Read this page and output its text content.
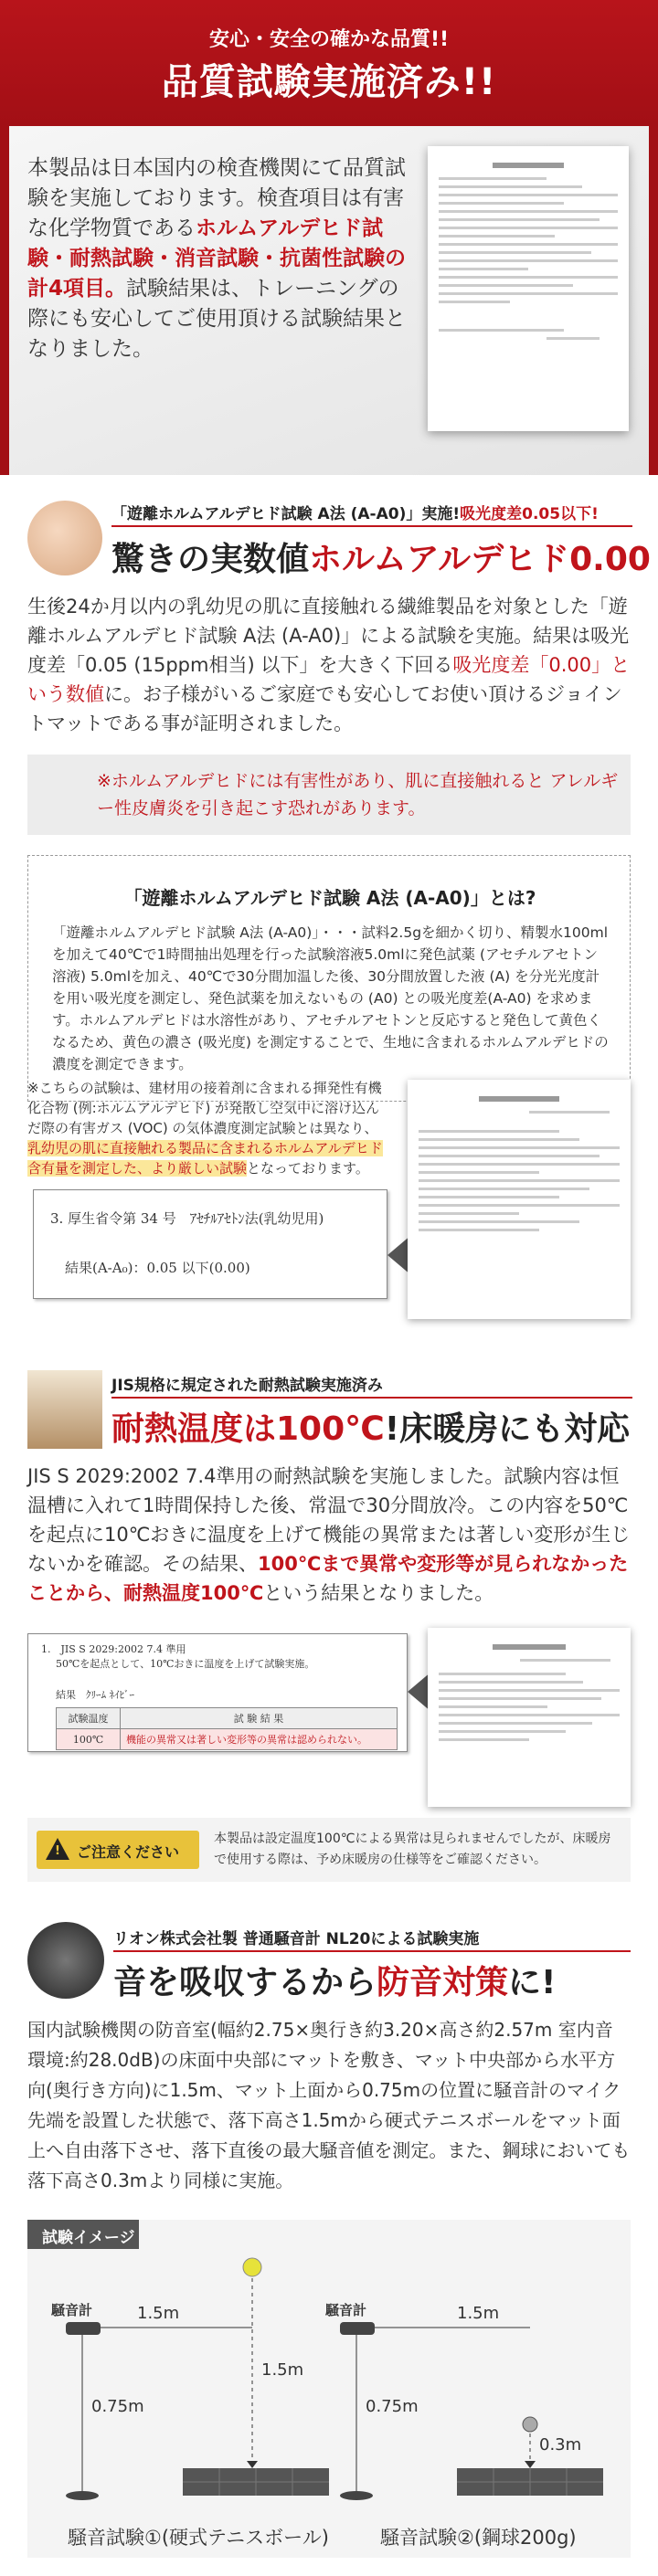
安心・安全の確かな品質!!
品質試験実施済み!!
本製品は日本国内の検査機関にて品質試験を実施しております。検査項目は有害な化学物質であるホルムアルデヒド試験・耐熱試験・消音試験・抗菌性試験の計4項目。試験結果は、トレーニングの際にも安心してご使用頂ける試験結果となりました。
「遊離ホルムアルデヒド試験 A法 (A-A0)」実施!吸光度差0.05以下!
驚きの実数値ホルムアルデヒド0.00
生後24か月以内の乳幼児の肌に直接触れる繊維製品を対象とした「遊離ホルムアルデヒド試験 A法 (A-A0)」による試験を実施。結果は吸光度差「0.05 (15ppm相当) 以下」を大きく下回る吸光度差「0.00」という数値に。お子様がいるご家庭でも安心してお使い頂けるジョイントマットである事が証明されました。
※ホルムアルデヒドには有害性があり、肌に直接触れると アレルギー性皮膚炎を引き起こす恐れがあります。
「遊離ホルムアルデヒド試験 A法 (A-A0)」とは?
「遊離ホルムアルデヒド試験 A法 (A-A0)」・・・試料2.5gを細かく切り、精製水100mlを加えて40℃で1時間抽出処理を行った試験溶液5.0mlに発色試薬 (アセチルアセトン溶液) 5.0mlを加え、40℃で30分間加温した後、30分間放置した液 (A) を分光光度計を用い吸光度を測定し、発色試薬を加えないもの (A0) との吸光度差(A-A0) を求めます。ホルムアルデヒドは水溶性があり、アセチルアセトンと反応すると発色して黄色くなるため、黄色の濃さ (吸光度) を測定することで、生地に含まれるホルムアルデヒドの濃度を測定できます。
※こちらの試験は、建材用の接着剤に含まれる揮発性有機化合物 (例:ホルムアルデヒド) が発散し空気中に溶け込んだ際の有害ガス (VOC) の気体濃度測定試験とは異なり、乳幼児の肌に直接触れる製品に含まれるホルムアルデヒド含有量を測定した、より厳しい試験となっております。
3. 厚生省令第 34 号　ｱｾﾁﾙｱｾﾄﾝ法(乳幼児用)
結果(A-A₀)：0.05 以下(0.00)
JIS規格に規定された耐熱試験実施済み
耐熱温度は100℃!床暖房にも対応
JIS S 2029:2002 7.4準用の耐熱試験を実施しました。試験内容は恒温槽に入れて1時間保持した後、常温で30分間放冷。この内容を50℃を起点に10℃おきに温度を上げて機能の異常または著しい変形が生じないかを確認。その結果、100℃まで異常や変形等が見られなかったことから、耐熱温度100℃という結果となりました。
1.　JIS S 2029:2002 7.4 準用
50℃を起点として、10℃おきに温度を上げて試験実施。
結果　ｸﾘｰﾑ ﾈｲﾋﾞｰ
試験温度	試 験 結 果
100℃	機能の異常又は著しい変形等の異常は認められない。
! ご注意ください
本製品は設定温度100℃による異常は見られませんでしたが、床暖房で使用する際は、予め床暖房の仕様等をご確認ください。
リオン株式会社製 普通騒音計 NL20による試験実施
音を吸収するから防音対策に!
国内試験機関の防音室(幅約2.75×奥行き約3.20×高さ約2.57m 室内音環境:約28.0dB)の床面中央部にマットを敷き、マット中央部から水平方向(奥行き方向)に1.5m、マット上面から0.75mの位置に騒音計のマイク先端を設置した状態で、落下高さ1.5mから硬式テニスボールをマット面上へ自由落下させ、落下直後の最大騒音値を測定。また、鋼球においても落下高さ0.3mより同様に実施。
試験イメージ
騒音計	1.5m
1.5m
0.75m
騒音計	1.5m
0.75m
0.3m
騒音試験①(硬式テニスボール)	騒音試験②(鋼球200g)
